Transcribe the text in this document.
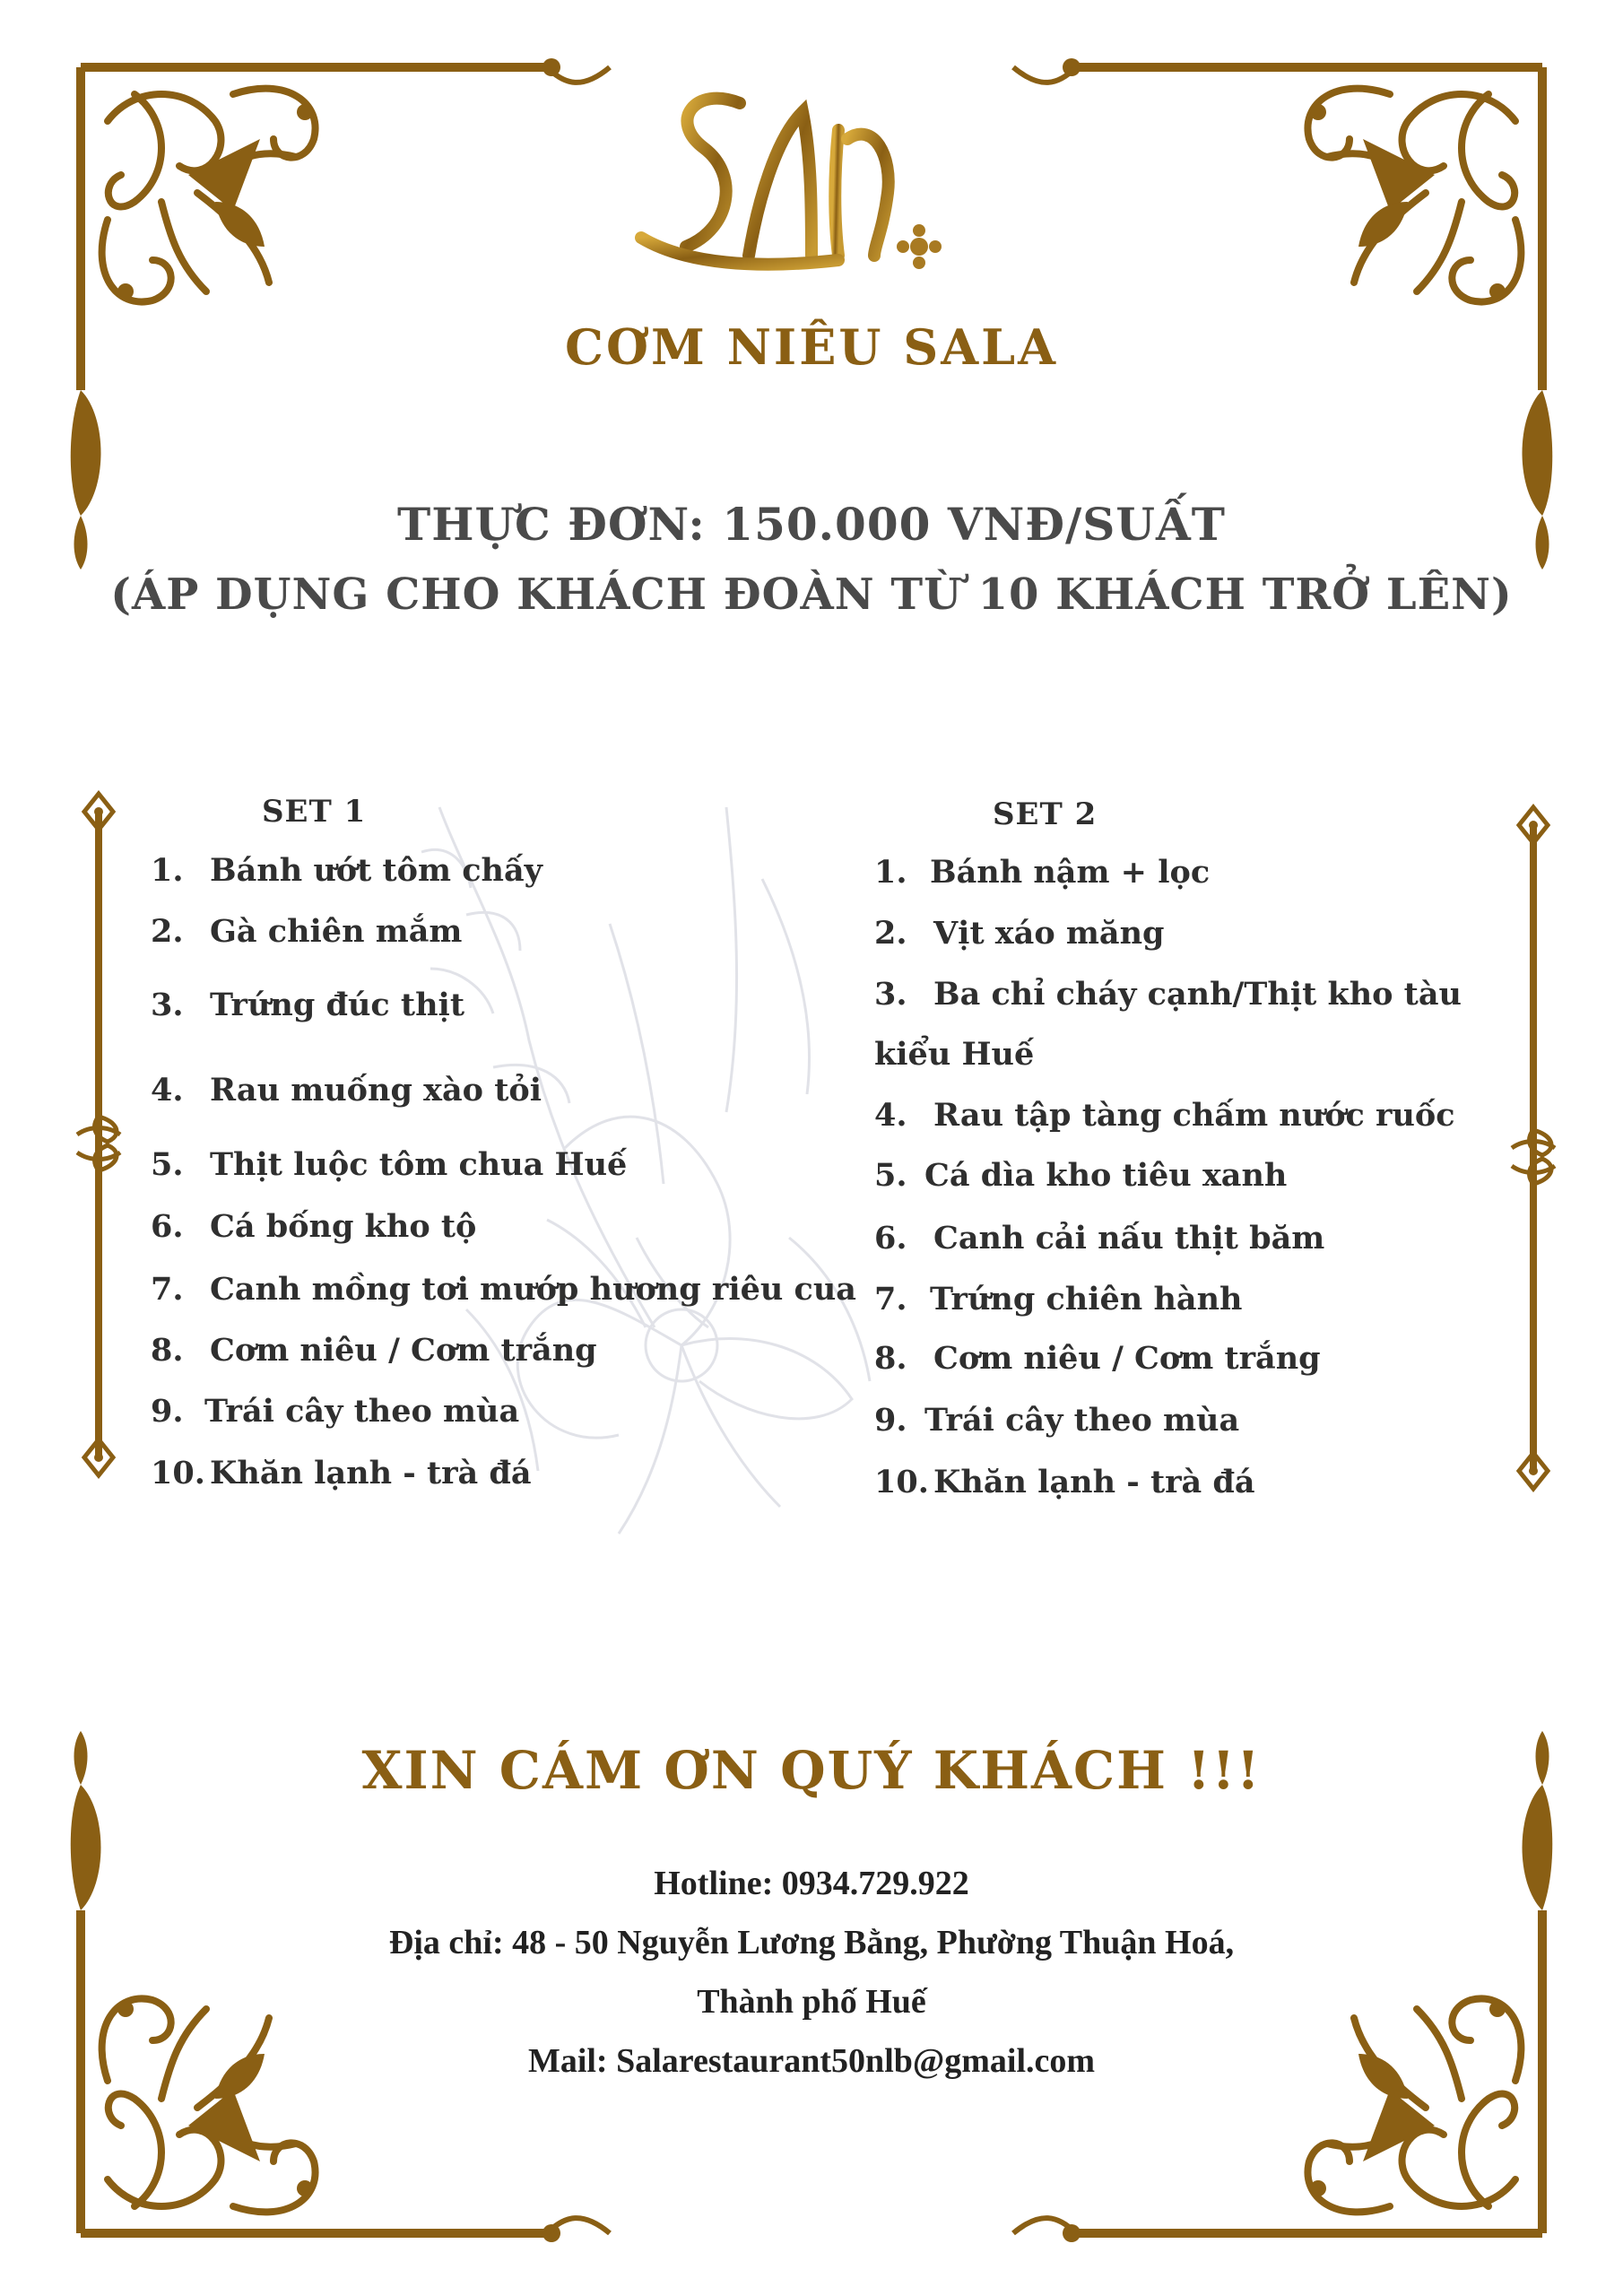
SALA
CƠM NIÊU SALA
THỰC ĐƠN: 150.000 VNĐ/SUẤT
(ÁP DỤNG CHO KHÁCH ĐOÀN TỪ 10 KHÁCH TRỞ LÊN)
SET 1
1. Bánh ướt tôm chấy
2. Gà chiên mắm
3. Trứng đúc thịt
4. Rau muống xào tỏi
5. Thịt luộc tôm chua Huế
6. Cá bống kho tộ
7. Canh mồng tơi mướp hương riêu cua
8. Cơm niêu / Cơm trắng
9. Trái cây theo mùa
10. Khăn lạnh - trà đá
SET 2
1. Bánh nậm + lọc
2. Vịt xáo măng
3. Ba chỉ cháy cạnh/Thịt kho tàu
kiểu Huế
4. Rau tập tàng chấm nước ruốc
5. Cá dìa kho tiêu xanh
6. Canh cải nấu thịt băm
7. Trứng chiên hành
8. Cơm niêu / Cơm trắng
9. Trái cây theo mùa
10. Khăn lạnh - trà đá
XIN CÁM ƠN QUÝ KHÁCH !!!
Hotline: 0934.729.922
Địa chỉ: 48 - 50 Nguyễn Lương Bằng, Phường Thuận Hoá,
Thành phố Huế
Mail: Salarestaurant50nlb@gmail.com
